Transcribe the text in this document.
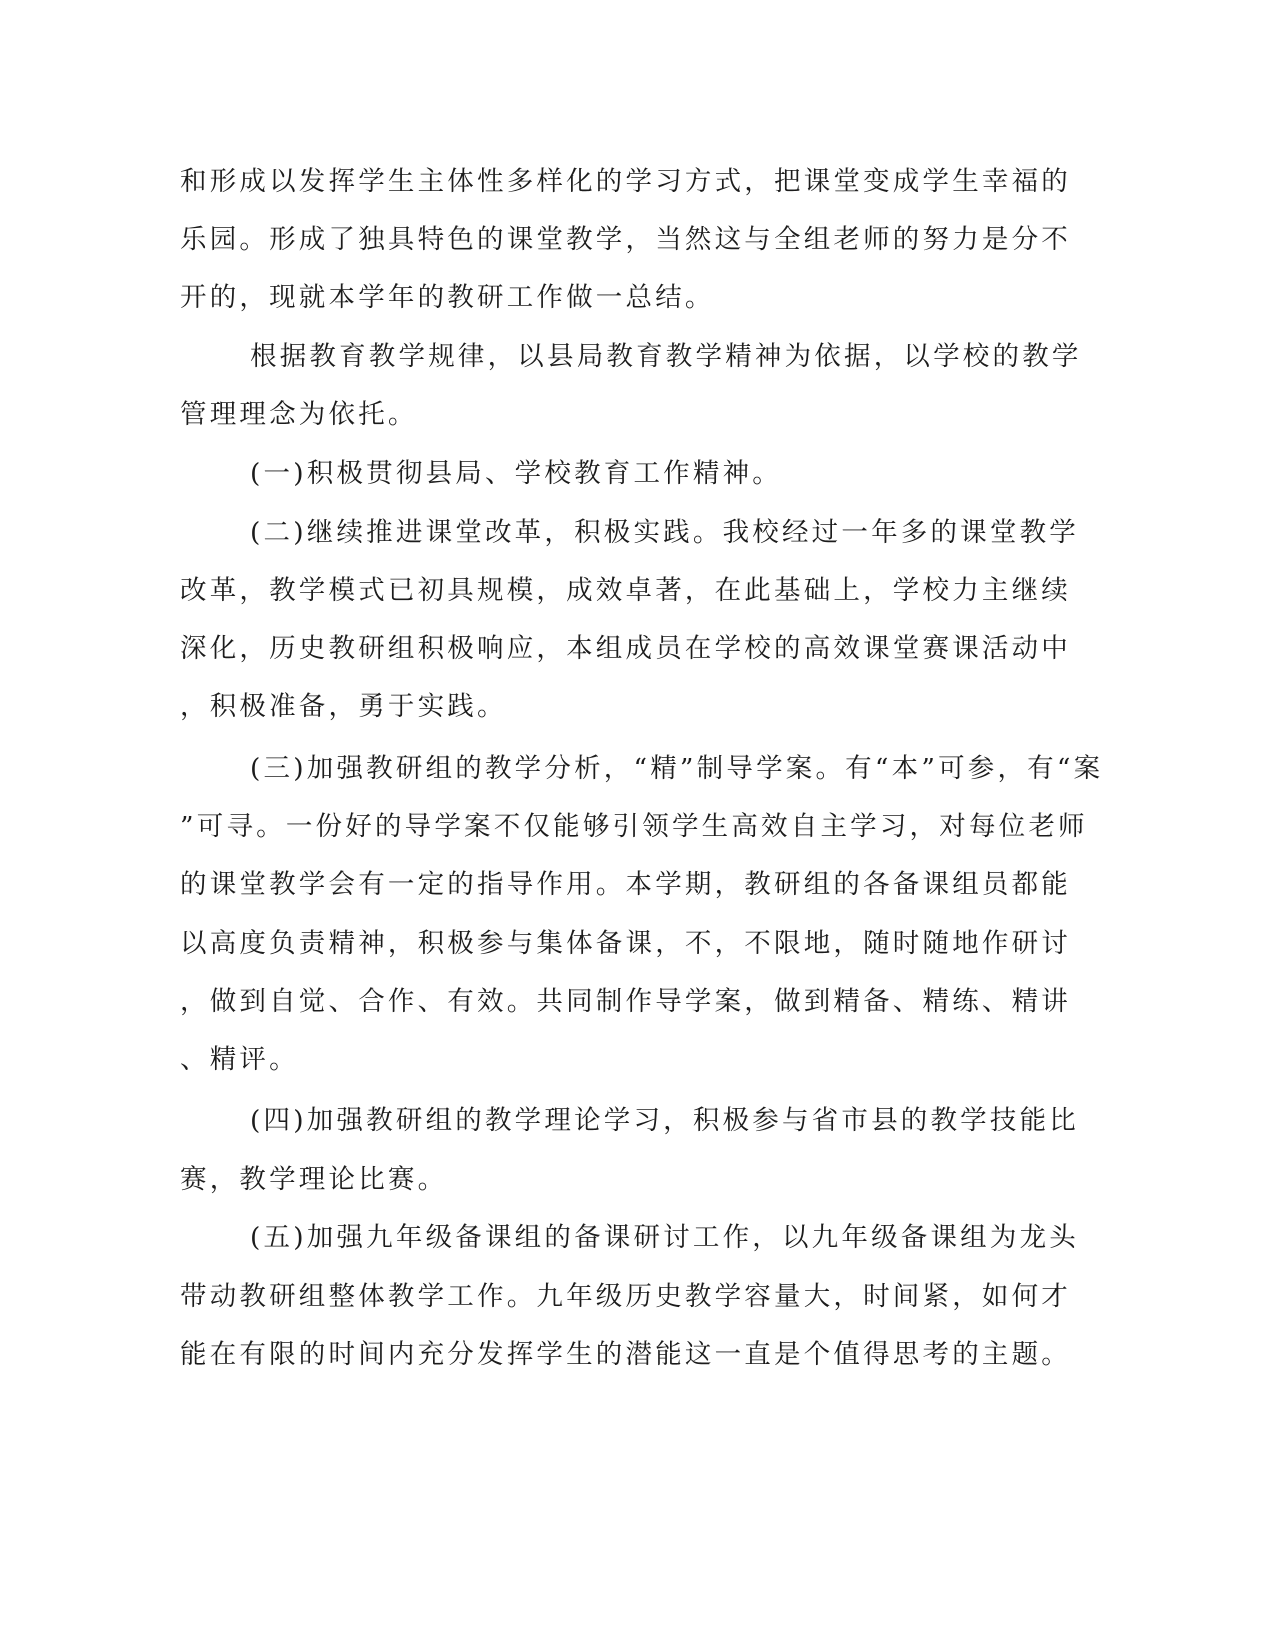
和形成以发挥学生主体性多样化的学习方式，把课堂变成学生幸福的
乐园。形成了独具特色的课堂教学，当然这与全组老师的努力是分不
开的，现就本学年的教研工作做一总结。
根据教育教学规律，以县局教育教学精神为依据，以学校的教学
管理理念为依托。
(一)积极贯彻县局、学校教育工作精神。
(二)继续推进课堂改革，积极实践。我校经过一年多的课堂教学
改革，教学模式已初具规模，成效卓著，在此基础上，学校力主继续
深化，历史教研组积极响应，本组成员在学校的高效课堂赛课活动中
，积极准备，勇于实践。
(三)加强教研组的教学分析，“精”制导学案。有“本”可参，有“案
”可寻。一份好的导学案不仅能够引领学生高效自主学习，对每位老师
的课堂教学会有一定的指导作用。本学期，教研组的各备课组员都能
以高度负责精神，积极参与集体备课，不，不限地，随时随地作研讨
，做到自觉、合作、有效。共同制作导学案，做到精备、精练、精讲
、精评。
(四)加强教研组的教学理论学习，积极参与省市县的教学技能比
赛，教学理论比赛。
(五)加强九年级备课组的备课研讨工作，以九年级备课组为龙头
带动教研组整体教学工作。九年级历史教学容量大，时间紧，如何才
能在有限的时间内充分发挥学生的潜能这一直是个值得思考的主题。
